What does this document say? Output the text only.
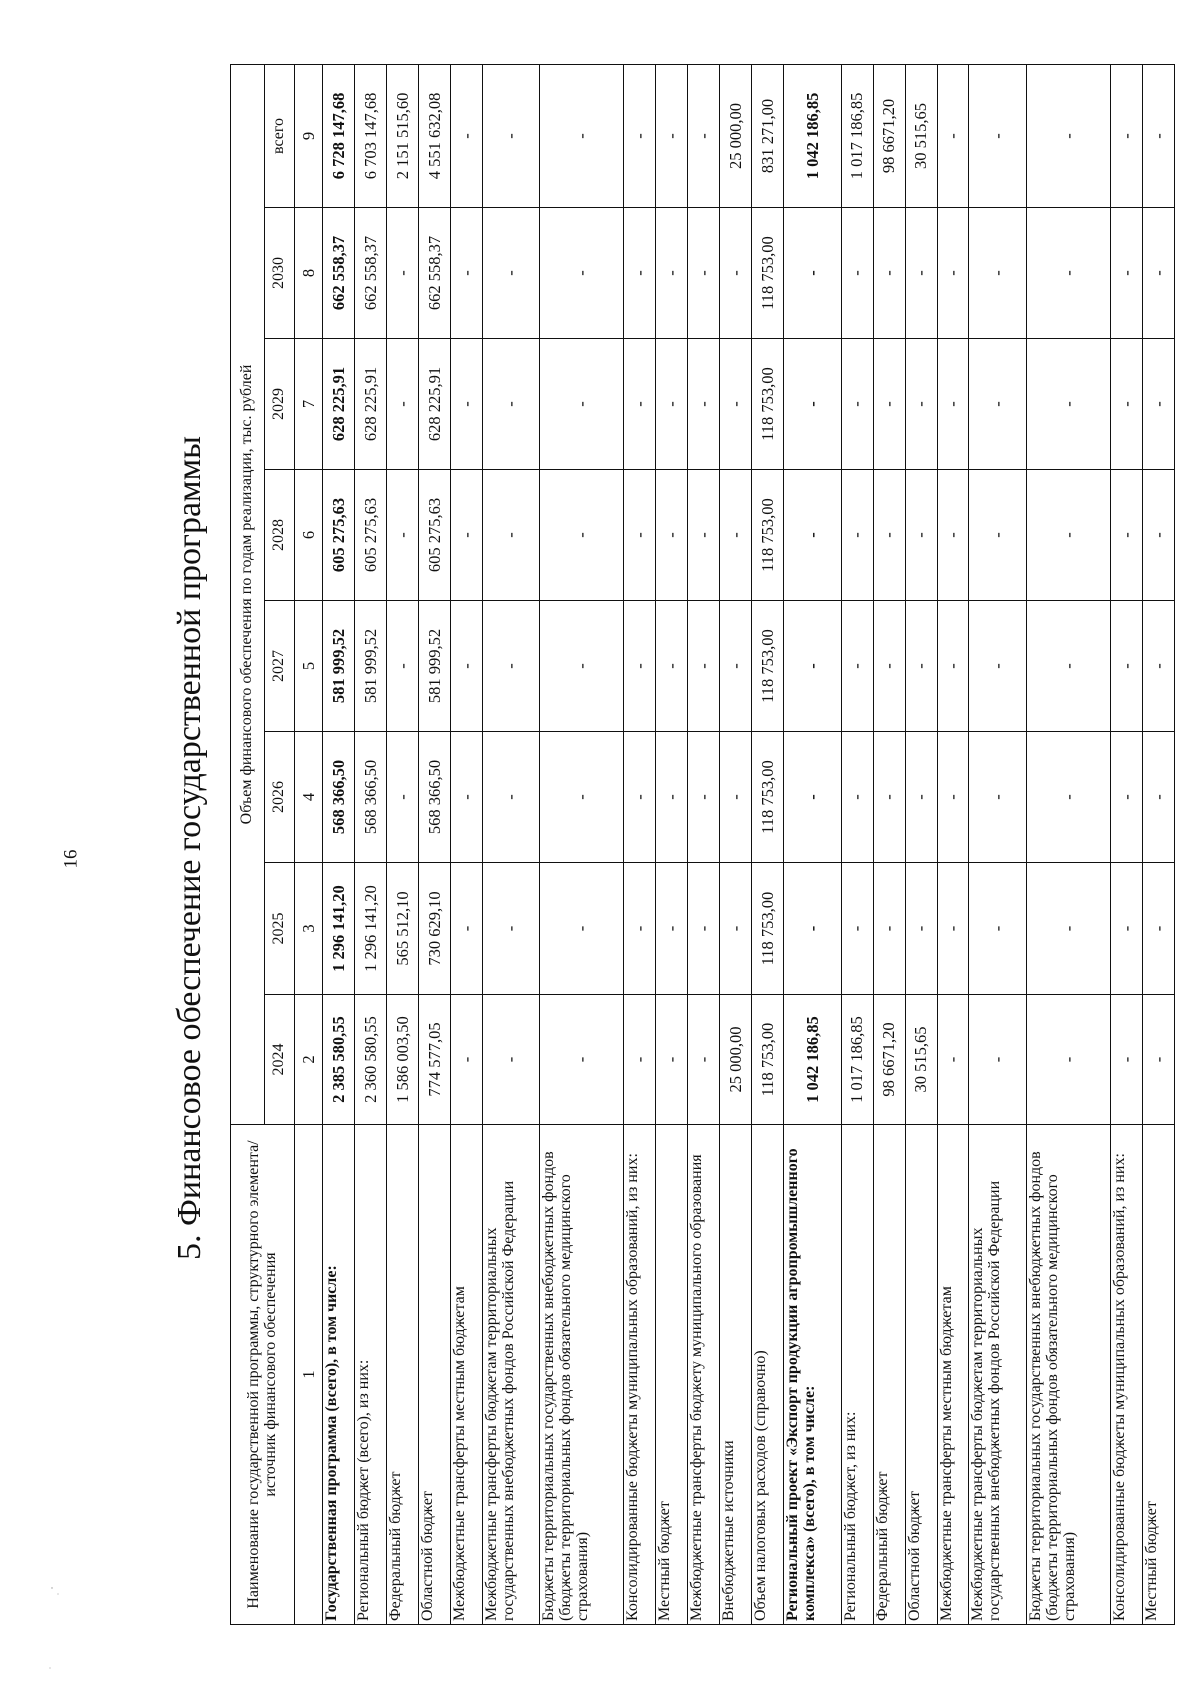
16	5. Финансовое обеспечение государственной программы
Наименование государственной программы, структурного элемента/ источник финансового обеспечения	Объем финансового обеспечения по годам реализации, тыс. рублей							
	2024	2025	2026	2027	2028	2029	2030	всего
1	2	3	4	5	6	7	8	9
Государственная программа (всего), в том числе:	2 385 580,55	1 296 141,20	568 366,50	581 999,52	605 275,63	628 225,91	662 558,37	6 728 147,68
Региональный бюджет (всего), из них:	2 360 580,55	1 296 141,20	568 366,50	581 999,52	605 275,63	628 225,91	662 558,37	6 703 147,68
Федеральный бюджет	1 586 003,50	565 512,10	-	-	-	-	-	2 151 515,60
Областной бюджет	774 577,05	730 629,10	568 366,50	581 999,52	605 275,63	628 225,91	662 558,37	4 551 632,08
Межбюджетные трансферты местным бюджетам	-	-	-	-	-	-	-	-
Межбюджетные трансферты бюджетам территориальных государственных внебюджетных фондов Российской Федерации	-	-	-	-	-	-	-	-
Бюджеты территориальных государственных внебюджетных фондов (бюджеты территориальных фондов обязательного медицинского страхования)	-	-	-	-	-	-	-	-
Консолидированные бюджеты муниципальных образований, из них:	-	-	-	-	-	-	-	-
Местный бюджет	-	-	-	-	-	-	-	-
Межбюджетные трансферты бюджету муниципального образования	-	-	-	-	-	-	-	-
Внебюджетные источники	25 000,00	-	-	-	-	-	-	25 000,00
Объем налоговых расходов (справочно)	118 753,00	118 753,00	118 753,00	118 753,00	118 753,00	118 753,00	118 753,00	831 271,00
Региональный проект «Экспорт продукции агропромышленного комплекса» (всего), в том числе:	1 042 186,85	-	-	-	-	-	-	1 042 186,85
Региональный бюджет, из них:	1 017 186,85	-	-	-	-	-	-	1 017 186,85
Федеральный бюджет	98 6671,20	-	-	-	-	-	-	98 6671,20
Областной бюджет	30 515,65	-	-	-	-	-	-	30 515,65
Межбюджетные трансферты местным бюджетам	-	-	-	-	-	-	-	-
Межбюджетные трансферты бюджетам территориальных государственных внебюджетных фондов Российской Федерации	-	-	-	-	-	-	-	-
Бюджеты территориальных государственных внебюджетных фондов (бюджеты территориальных фондов обязательного медицинского страхования)	-	-	-	-	-	-	-	-
Консолидированные бюджеты муниципальных образований, из них:	-	-	-	-	-	-	-	-
Местный бюджет	-	-	-	-	-	-	-	-
